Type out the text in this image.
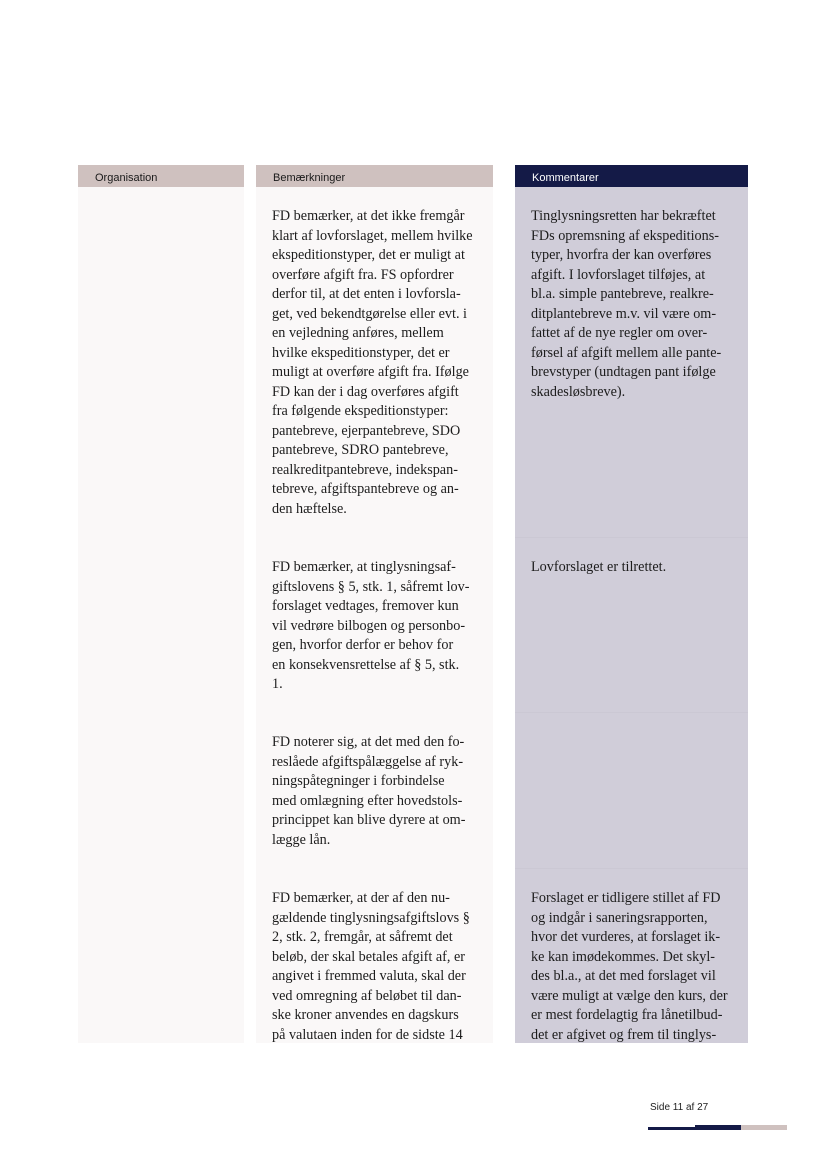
Organisation	Bemærkninger

FD bemærker, at det ikke fremgår
klart af lovforslaget, mellem hvilke
ekspeditionstyper, det er muligt at
overføre afgift fra. FS opfordrer
derfor til, at det enten i lovforsla-
get, ved bekendtgørelse eller evt. i
en vejledning anføres, mellem
hvilke ekspeditionstyper, det er
muligt at overføre afgift fra. Ifølge
FD kan der i dag overføres afgift
fra følgende ekspeditionstyper:
pantebreve, ejerpantebreve, SDO
pantebreve, SDRO pantebreve,
realkreditpantebreve, indekspan-
tebreve, afgiftspantebreve og an-
den hæftelse.

FD bemærker, at tinglysningsaf-
giftslovens § 5, stk. 1, såfremt lov-
forslaget vedtages, fremover kun
vil vedrøre bilbogen og personbo-
gen, hvorfor derfor er behov for
en konsekvensrettelse af § 5, stk.
1.

FD noterer sig, at det med den fo-
reslåede afgiftspålæggelse af ryk-
ningspåtegninger i forbindelse
med omlægning efter hovedstols-
princippet kan blive dyrere at om-
lægge lån.

FD bemærker, at der af den nu-
gældende tinglysningsafgiftslovs §
2, stk. 2, fremgår, at såfremt det
beløb, der skal betales afgift af, er
angivet i fremmed valuta, skal der
ved omregning af beløbet til dan-
ske kroner anvendes en dagskurs
på valutaen inden for de sidste 14

Kommentarer

Tinglysningsretten har bekræftet
FDs opremsning af ekspeditions-
typer, hvorfra der kan overføres
afgift. I lovforslaget tilføjes, at
bl.a. simple pantebreve, realkre-
ditplantebreve m.v. vil være om-
fattet af de nye regler om over-
førsel af afgift mellem alle pante-
brevstyper (undtagen pant ifølge
skadesløsbreve).

Lovforslaget er tilrettet.

Forslaget er tidligere stillet af FD
og indgår i saneringsrapporten,
hvor det vurderes, at forslaget ik-
ke kan imødekommes. Det skyl-
des bl.a., at det med forslaget vil
være muligt at vælge den kurs, der
er mest fordelagtig fra lånetilbud-
det er afgivet og frem til tinglys-

Side 11 af 27
